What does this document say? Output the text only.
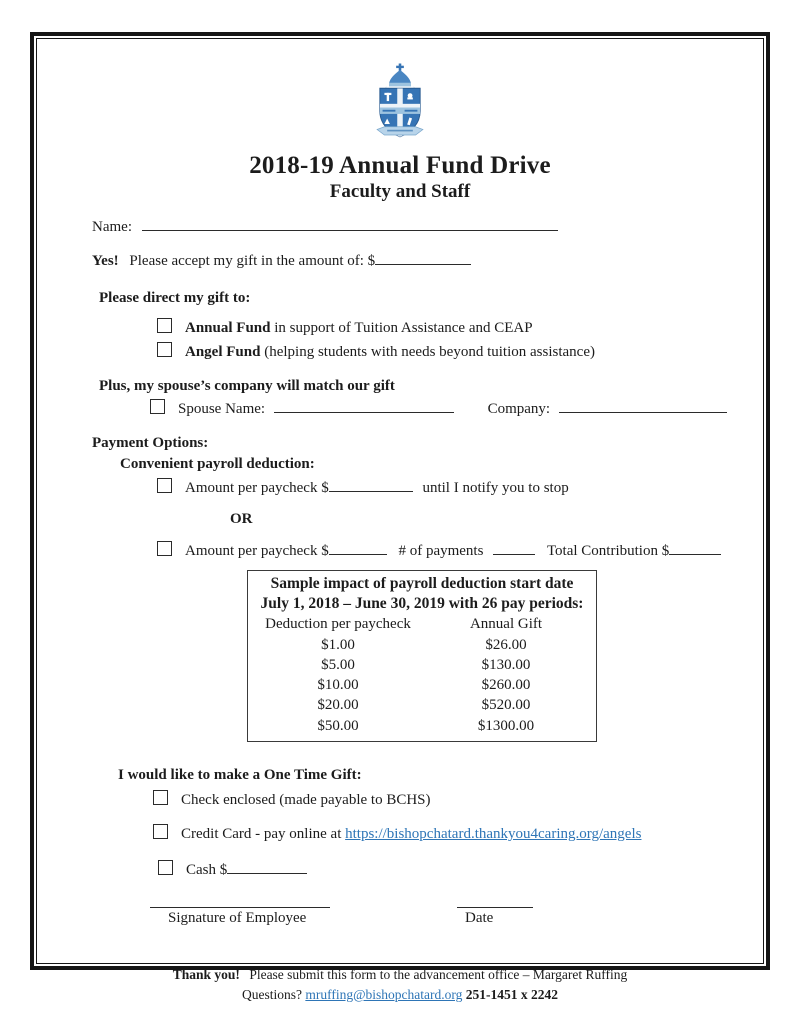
2018-19 Annual Fund Drive
Faculty and Staff
Name:
Yes! Please accept my gift in the amount of: $
Please direct my gift to:
Annual Fund in support of Tuition Assistance and CEAP
Angel Fund (helping students with needs beyond tuition assistance)
Plus, my spouse’s company will match our gift
Spouse Name:	Company:
Payment Options:
Convenient payroll deduction:
Amount per paycheck $	until I notify you to stop
OR
Amount per paycheck $	# of payments	Total Contribution $
Sample impact of payroll deduction start date
July 1, 2018 – June 30, 2019 with 26 pay periods:
Deduction per paycheck	Annual Gift
$1.00	$26.00
$5.00	$130.00
$10.00	$260.00
$20.00	$520.00
$50.00	$1300.00
I would like to make a One Time Gift:
Check enclosed (made payable to BCHS)
Credit Card - pay online at https://bishopchatard.thankyou4caring.org/angels
Cash $
Signature of Employee	Date
Thank you! Please submit this form to the advancement office – Margaret Ruffing
Questions? mruffing@bishopchatard.org 251-1451 x 2242
